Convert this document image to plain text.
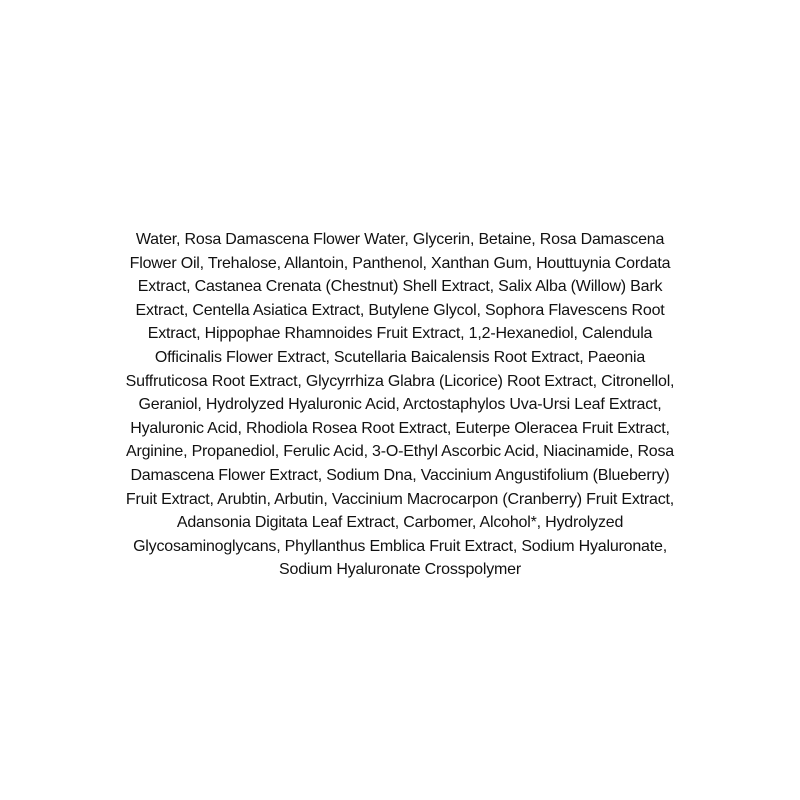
Water, Rosa Damascena Flower Water, Glycerin, Betaine, Rosa Damascena
Flower Oil, Trehalose, Allantoin, Panthenol, Xanthan Gum, Houttuynia Cordata
Extract, Castanea Crenata (Chestnut) Shell Extract, Salix Alba (Willow) Bark
Extract, Centella Asiatica Extract, Butylene Glycol, Sophora Flavescens Root
Extract, Hippophae Rhamnoides Fruit Extract, 1,2-Hexanediol, Calendula
Officinalis Flower Extract, Scutellaria Baicalensis Root Extract, Paeonia
Suffruticosa Root Extract, Glycyrrhiza Glabra (Licorice) Root Extract, Citronellol,
Geraniol, Hydrolyzed Hyaluronic Acid, Arctostaphylos Uva-Ursi Leaf Extract,
Hyaluronic Acid, Rhodiola Rosea Root Extract, Euterpe Oleracea Fruit Extract,
Arginine, Propanediol, Ferulic Acid, 3-O-Ethyl Ascorbic Acid, Niacinamide, Rosa
Damascena Flower Extract, Sodium Dna, Vaccinium Angustifolium (Blueberry)
Fruit Extract, Arubtin, Arbutin, Vaccinium Macrocarpon (Cranberry) Fruit Extract,
Adansonia Digitata Leaf Extract, Carbomer, Alcohol*, Hydrolyzed
Glycosaminoglycans, Phyllanthus Emblica Fruit Extract, Sodium Hyaluronate,
Sodium Hyaluronate Crosspolymer
